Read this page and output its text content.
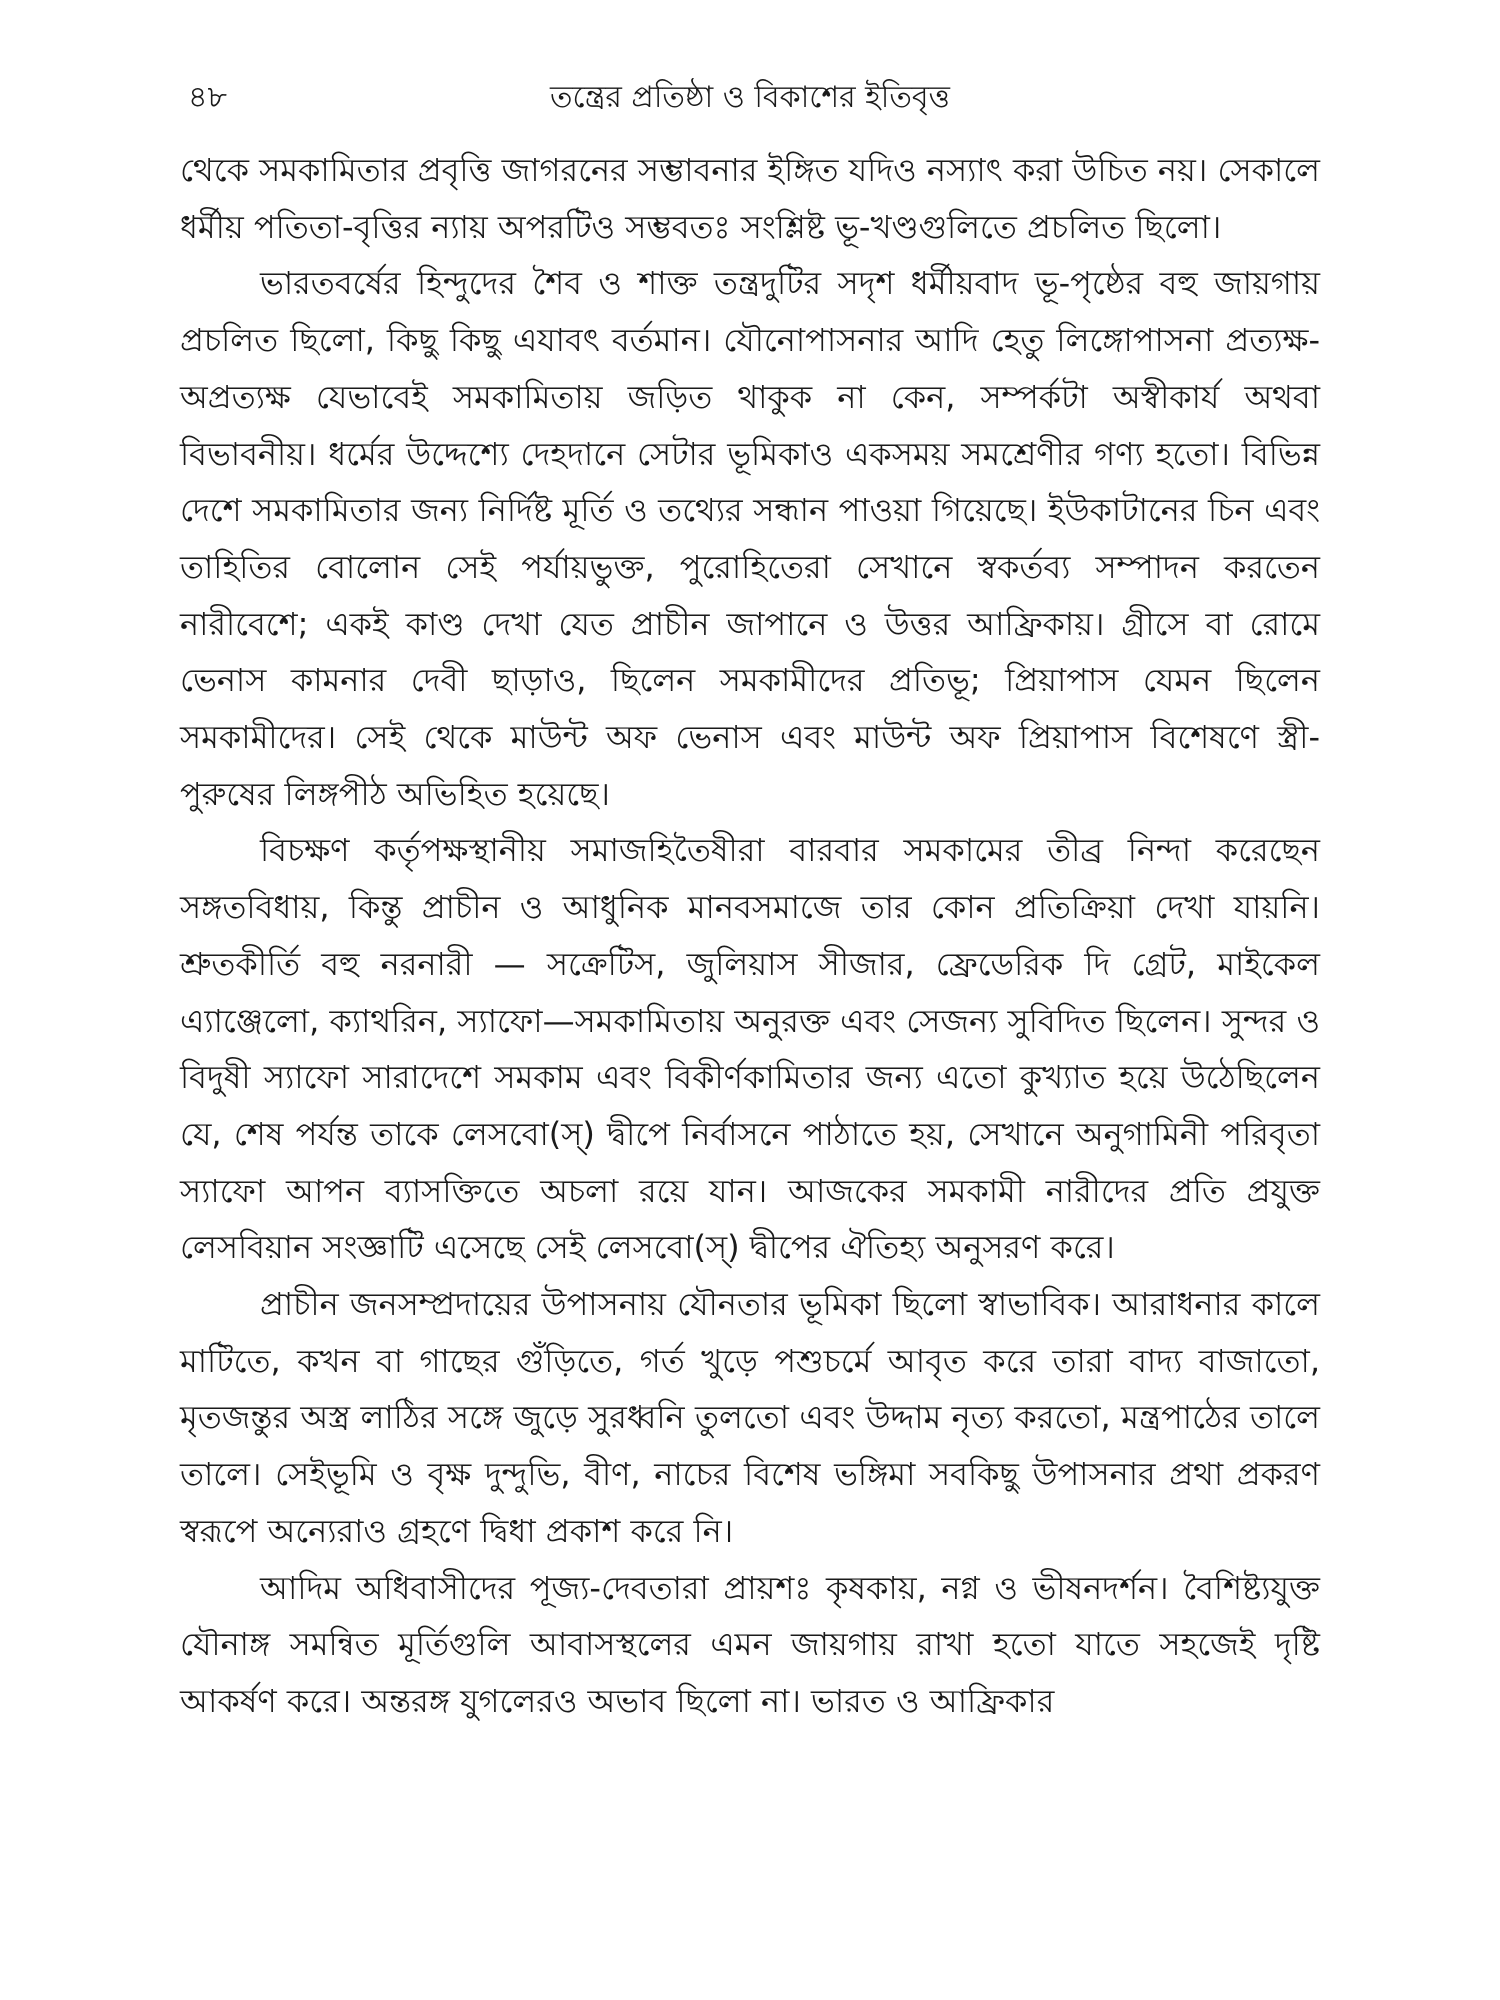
৪৮	তন্ত্রের প্রতিষ্ঠা ও বিকাশের ইতিবৃত্ত

থেকে সমকামিতার প্রবৃত্তি জাগরনের সম্ভাবনার ইঙ্গিত যদিও নস্যাৎ করা উচিত নয়। সেকালে ধর্মীয় পতিতা-বৃত্তির ন্যায় অপরটিও সম্ভবতঃ সংশ্লিষ্ট ভূ-খণ্ডগুলিতে প্রচলিত ছিলো।

ভারতবর্ষের হিন্দুদের শৈব ও শাক্ত তন্ত্রদুটির সদৃশ ধর্মীয়বাদ ভূ-পৃষ্ঠের বহু জায়গায় প্রচলিত ছিলো, কিছু কিছু এযাবৎ বর্তমান। যৌনোপাসনার আদি হেতু লিঙ্গোপাসনা প্রত্যক্ষ-অপ্রত্যক্ষ যেভাবেই সমকামিতায় জড়িত থাকুক না কেন, সম্পর্কটা অস্বীকার্য অথবা বিভাবনীয়। ধর্মের উদ্দেশ্যে দেহদানে সেটার ভূমিকাও একসময় সমশ্রেণীর গণ্য হতো। বিভিন্ন দেশে সমকামিতার জন্য নির্দিষ্ট মূর্তি ও তথ্যের সন্ধান পাওয়া গিয়েছে। ইউকাটানের চিন এবং তাহিতির বোলোন সেই পর্যায়ভুক্ত, পুরোহিতেরা সেখানে স্বকর্তব্য সম্পাদন করতেন নারীবেশে; একই কাণ্ড দেখা যেত প্রাচীন জাপানে ও উত্তর আফ্রিকায়। গ্রীসে বা রোমে ভেনাস কামনার দেবী ছাড়াও, ছিলেন সমকামীদের প্রতিভূ; প্রিয়াপাস যেমন ছিলেন সমকামীদের। সেই থেকে মাউন্ট অফ ভেনাস এবং মাউন্ট অফ প্রিয়াপাস বিশেষণে স্ত্রী-পুরুষের লিঙ্গপীঠ অভিহিত হয়েছে।

বিচক্ষণ কর্তৃপক্ষস্থানীয় সমাজহিতৈষীরা বারবার সমকামের তীব্র নিন্দা করেছেন সঙ্গতবিধায়, কিন্তু প্রাচীন ও আধুনিক মানবসমাজে তার কোন প্রতিক্রিয়া দেখা যায়নি। শ্রুতকীর্তি বহু নরনারী — সক্রেটিস, জুলিয়াস সীজার, ফ্রেডেরিক দি গ্রেট, মাইকেল এ্যাঞ্জেলো, ক্যাথরিন, স্যাফো—সমকামিতায় অনুরক্ত এবং সেজন্য সুবিদিত ছিলেন। সুন্দর ও বিদুষী স্যাফো সারাদেশে সমকাম এবং বিকীর্ণকামিতার জন্য এতো কুখ্যাত হয়ে উঠেছিলেন যে, শেষ পর্যন্ত তাকে লেসবো(স্) দ্বীপে নির্বাসনে পাঠাতে হয়, সেখানে অনুগামিনী পরিবৃতা স্যাফো আপন ব্যাসক্তিতে অচলা রয়ে যান। আজকের সমকামী নারীদের প্রতি প্রযুক্ত লেসবিয়ান সংজ্ঞাটি এসেছে সেই লেসবো(স্) দ্বীপের ঐতিহ্য অনুসরণ করে।

প্রাচীন জনসম্প্রদায়ের উপাসনায় যৌনতার ভূমিকা ছিলো স্বাভাবিক। আরাধনার কালে মাটিতে, কখন বা গাছের গুঁড়িতে, গর্ত খুড়ে পশুচর্মে আবৃত করে তারা বাদ্য বাজাতো, মৃতজন্তুর অস্ত্র লাঠির সঙ্গে জুড়ে সুরধ্বনি তুলতো এবং উদ্দাম নৃত্য করতো, মন্ত্রপাঠের তালে তালে। সেইভূমি ও বৃক্ষ দুন্দুভি, বীণ, নাচের বিশেষ ভঙ্গিমা সবকিছু উপাসনার প্রথা প্রকরণ স্বরূপে অন্যেরাও গ্রহণে দ্বিধা প্রকাশ করে নি।

আদিম অধিবাসীদের পূজ্য-দেবতারা প্রায়শঃ কৃষকায়, নগ্ন ও ভীষনদর্শন। বৈশিষ্ট্যযুক্ত যৌনাঙ্গ সমন্বিত মূর্তিগুলি আবাসস্থলের এমন জায়গায় রাখা হতো যাতে সহজেই দৃষ্টি আকর্ষণ করে। অন্তরঙ্গ যুগলেরও অভাব ছিলো না। ভারত ও আফ্রিকার
